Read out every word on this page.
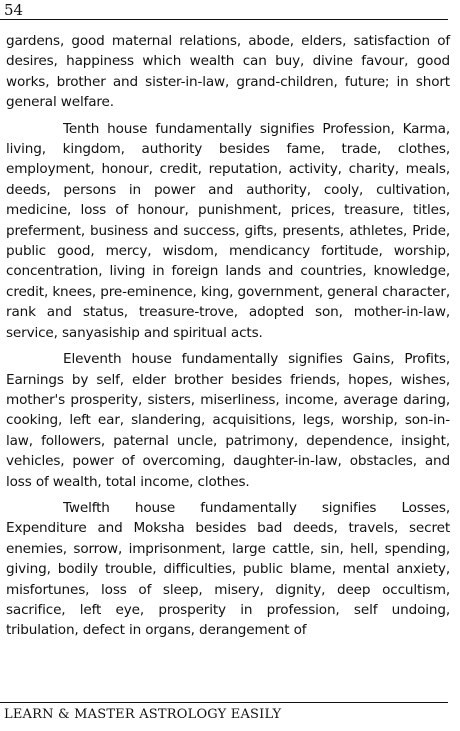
54

gardens, good maternal relations, abode, elders, satisfaction of desires, happiness which wealth can buy, divine favour, good works, brother and sister-in-law, grand-children, future; in short general welfare.

Tenth house fundamentally signifies Profession, Karma, living, kingdom, authority besides fame, trade, clothes, employment, honour, credit, reputation, activity, charity, meals, deeds, persons in power and authority, cooly, cultivation, medicine, loss of honour, punishment, prices, treasure, titles, preferment, business and success, gifts, presents, athletes, Pride, public good, mercy, wisdom, mendicancy fortitude, worship, concentration, living in foreign lands and countries, knowledge, credit, knees, pre-eminence, king, government, general character, rank and status, treasure-trove, adopted son, mother-in-law, service, sanyasiship and spiritual acts.

Eleventh house fundamentally signifies Gains, Profits, Earnings by self, elder brother besides friends, hopes, wishes, mother's prosperity, sisters, miserliness, income, average daring, cooking, left ear, slandering, acquisitions, legs, worship, son-in-law, followers, paternal uncle, patrimony, dependence, insight, vehicles, power of overcoming, daughter-in-law, obstacles, and loss of wealth, total income, clothes.

Twelfth house fundamentally signifies Losses, Expenditure and Moksha besides bad deeds, travels, secret enemies, sorrow, imprisonment, large cattle, sin, hell, spending, giving, bodily trouble, difficulties, public blame, mental anxiety, misfortunes, loss of sleep, misery, dignity, deep occultism, sacrifice, left eye, prosperity in profession, self undoing, tribulation, defect in organs, derangement of

LEARN & MASTER ASTROLOGY EASILY
